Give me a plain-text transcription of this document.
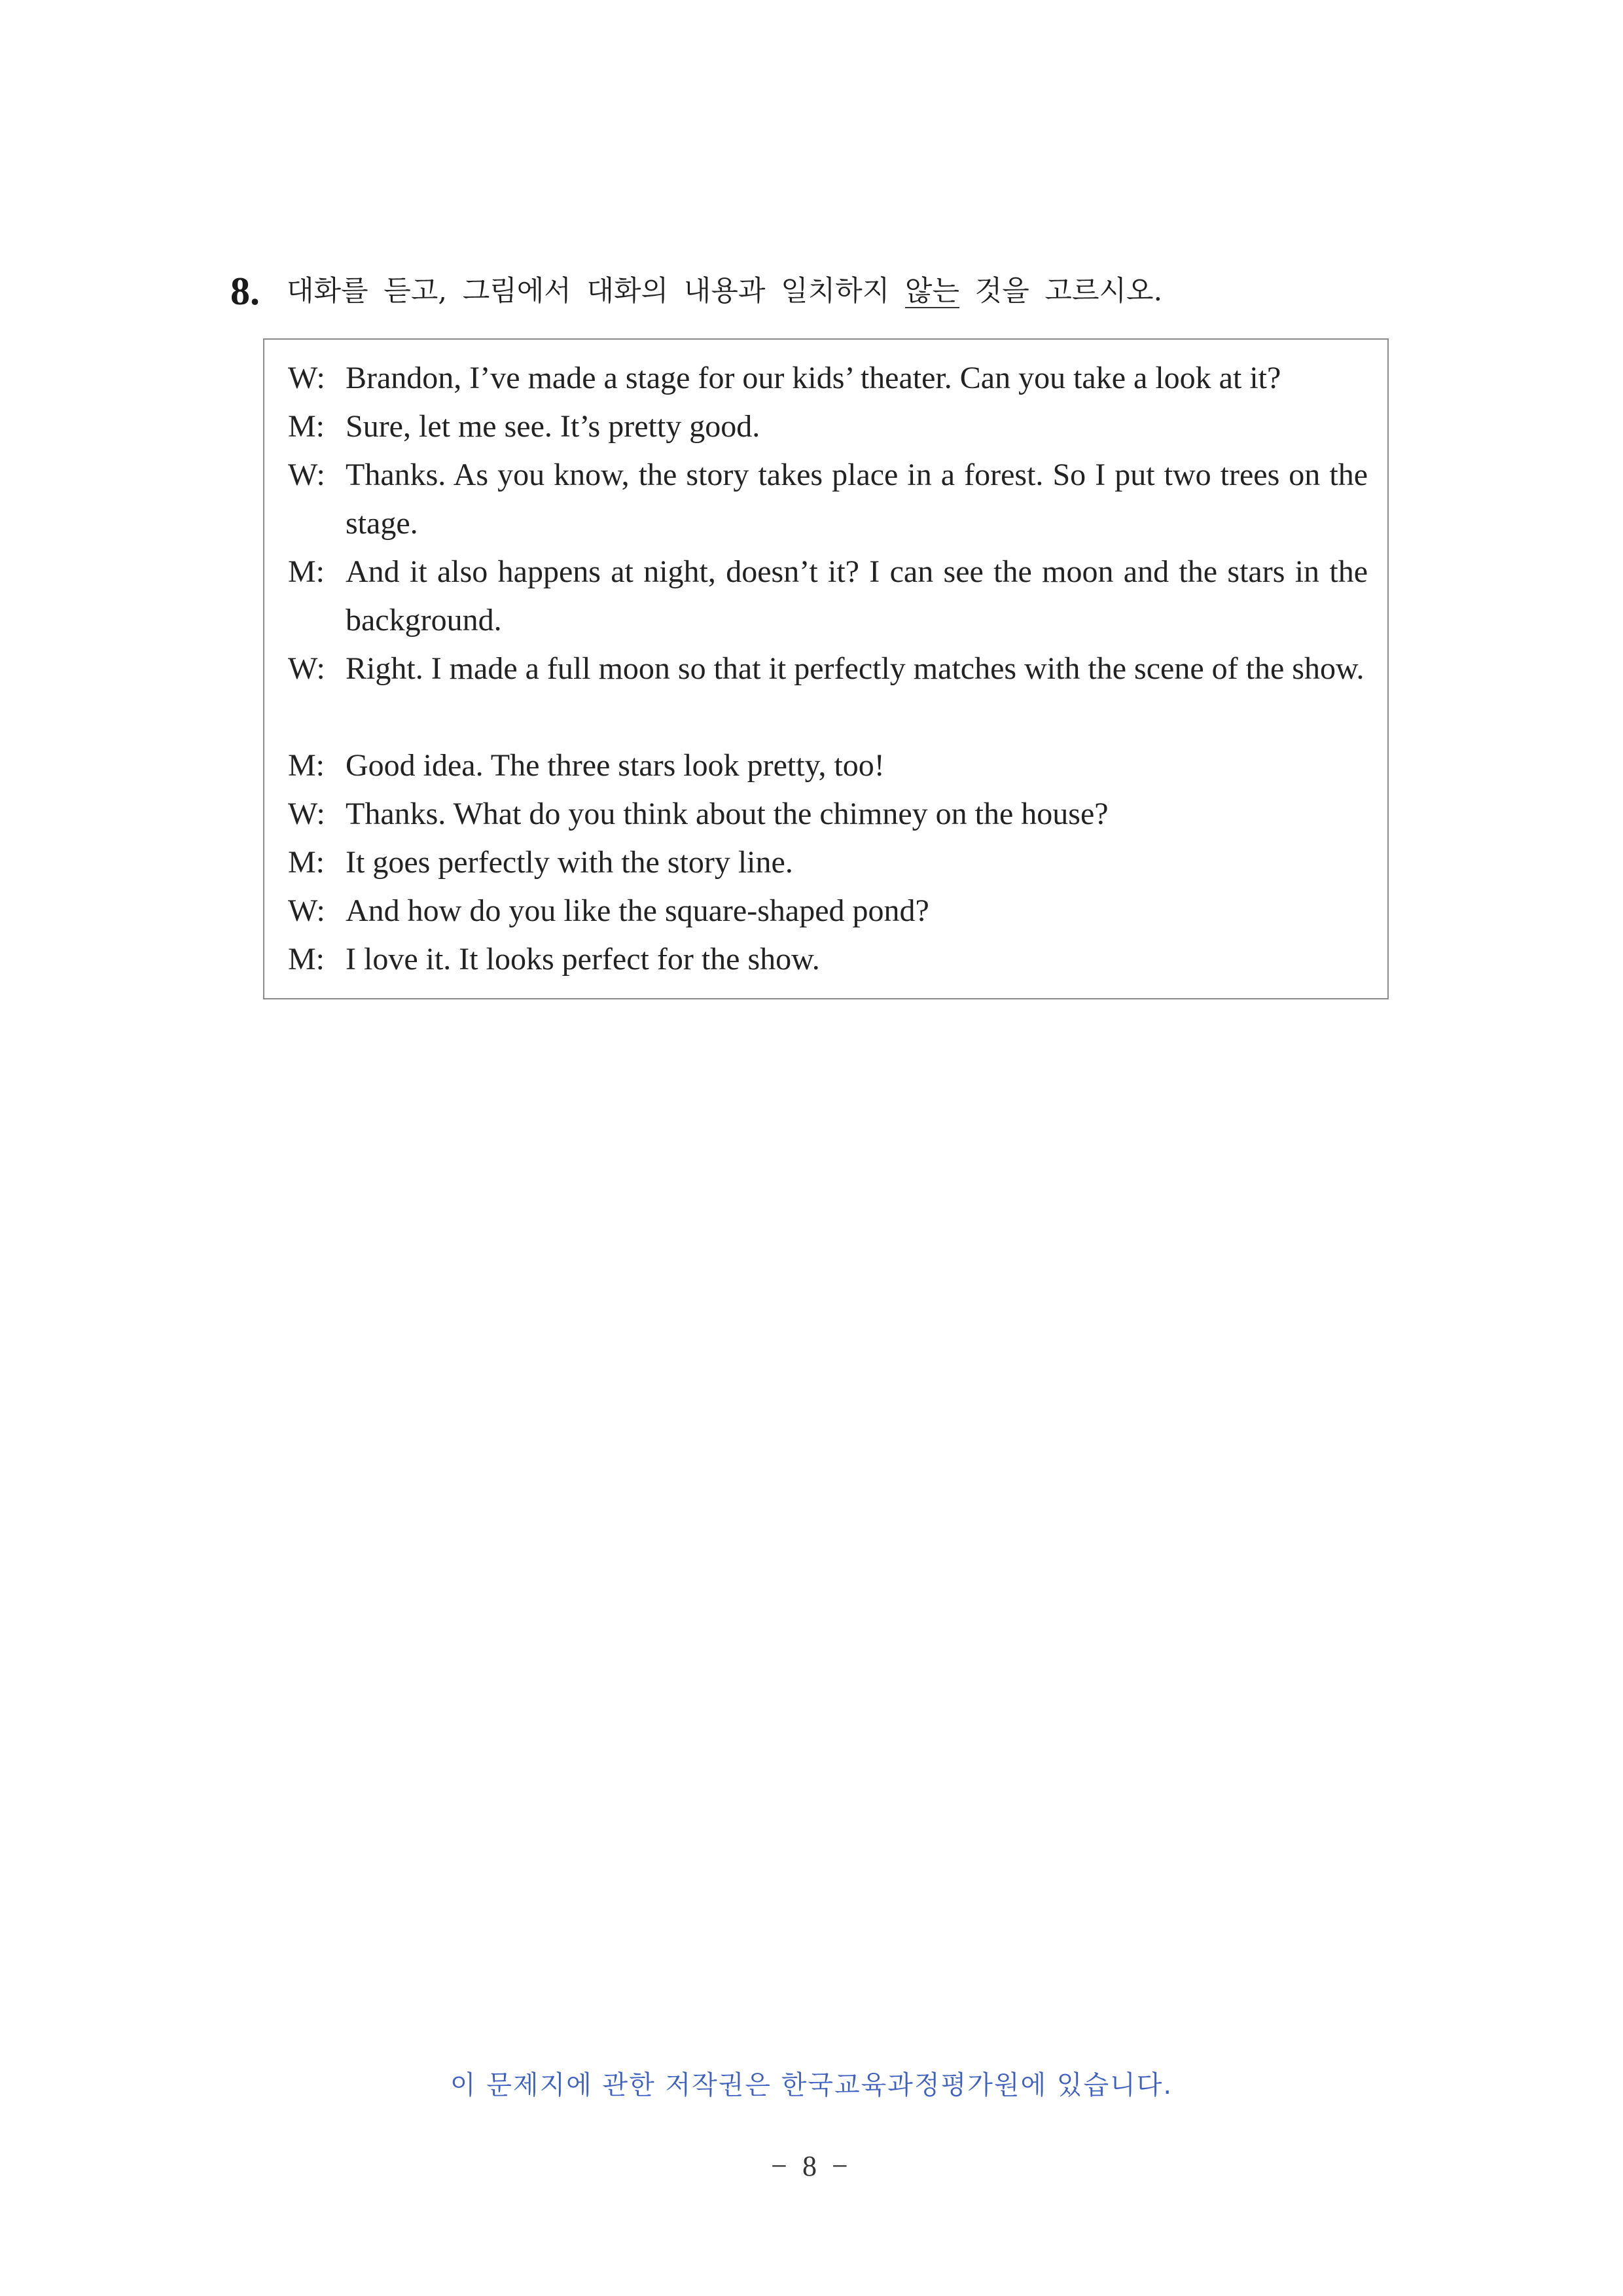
8. 대화를 듣고, 그림에서 대화의 내용과 일치하지 않는 것을 고르시오.
W: Brandon, I’ve made a stage for our kids’ theater. Can you take a look at it?
M: Sure, let me see. It’s pretty good.
W: Thanks. As you know, the story takes place in a forest. So I put two trees on the stage.
M: And it also happens at night, doesn’t it? I can see the moon and the stars in the background.
W: Right. I made a full moon so that it perfectly matches with the scene of the show.
M: Good idea. The three stars look pretty, too!
W: Thanks. What do you think about the chimney on the house?
M: It goes perfectly with the story line.
W: And how do you like the square-shaped pond?
M: I love it. It looks perfect for the show.
이 문제지에 관한 저작권은 한국교육과정평가원에 있습니다.
− 8 −
